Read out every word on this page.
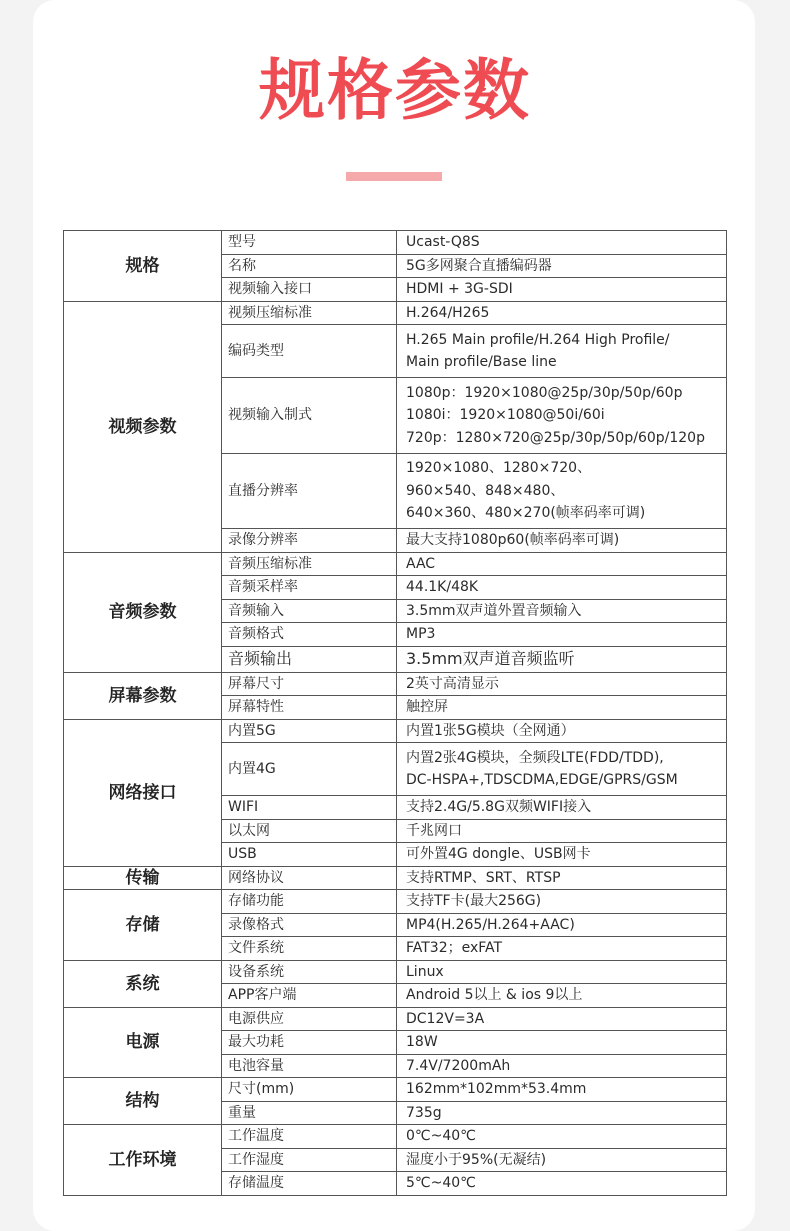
规格参数
规格	型号	Ucast-Q8S

	名称	5G多网聚合直播编码器

	视频输入接口	HDMI + 3G-SDI

视频参数	视频压缩标准	H.264/H265

	编码类型	H.265 Main profile/H.264 High Profile/
Main profile/Base line

	视频输入制式	1080p：1920×1080@25p/30p/50p/60p
1080i：1920×1080@50i/60i
720p：1280×720@25p/30p/50p/60p/120p

	直播分辨率	1920×1080、1280×720、
960×540、848×480、
640×360、480×270(帧率码率可调)

	录像分辨率	最大支持1080p60(帧率码率可调)

音频参数	音频压缩标准	AAC

	音频采样率	44.1K/48K

	音频输入	3.5mm双声道外置音频输入

	音频格式	MP3

	音频输出	3.5mm双声道音频监听

屏幕参数	屏幕尺寸	2英寸高清显示

	屏幕特性	触控屏

网络接口	内置5G	内置1张5G模块（全网通）

	内置4G	内置2张4G模块，全频段LTE(FDD/TDD),
DC-HSPA+,TDSCDMA,EDGE/GPRS/GSM

	WIFI	支持2.4G/5.8G双频WIFI接入

	以太网	千兆网口

	USB	可外置4G dongle、USB网卡

传输	网络协议	支持RTMP、SRT、RTSP

存储	存储功能	支持TF卡(最大256G)

	录像格式	MP4(H.265/H.264+AAC)

	文件系统	FAT32；exFAT

系统	设备系统	Linux

	APP客户端	Android 5以上 & ios 9以上

电源	电源供应	DC12V=3A

	最大功耗	18W

	电池容量	7.4V/7200mAh

结构	尺寸(mm)	162mm*102mm*53.4mm

	重量	735g

工作环境	工作温度	0℃~40℃

	工作湿度	湿度小于95%(无凝结)

	存储温度	5℃~40℃
